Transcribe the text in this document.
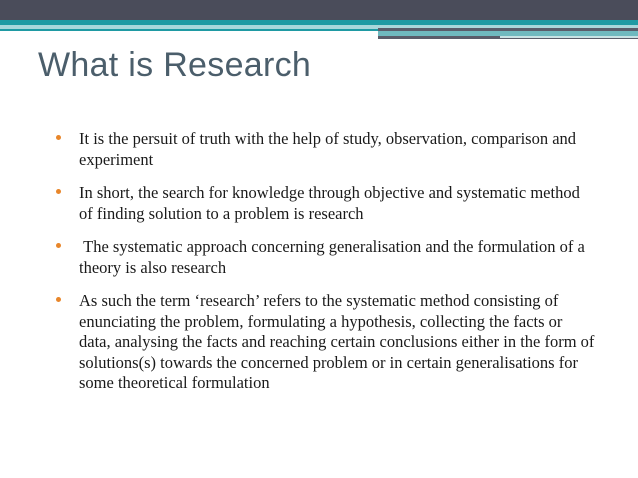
What is Research
It is the persuit of truth with the help of study, observation, comparison and experiment
In short, the search for knowledge through objective and systematic method of finding solution to a problem is research
The systematic approach concerning generalisation and the formulation of a theory is also research
As such the term ‘research’ refers to the systematic method consisting of enunciating the problem, formulating a hypothesis, collecting the facts or data, analysing the facts and reaching certain conclusions either in the form of solutions(s) towards the concerned problem or in certain generalisations for some theoretical formulation
